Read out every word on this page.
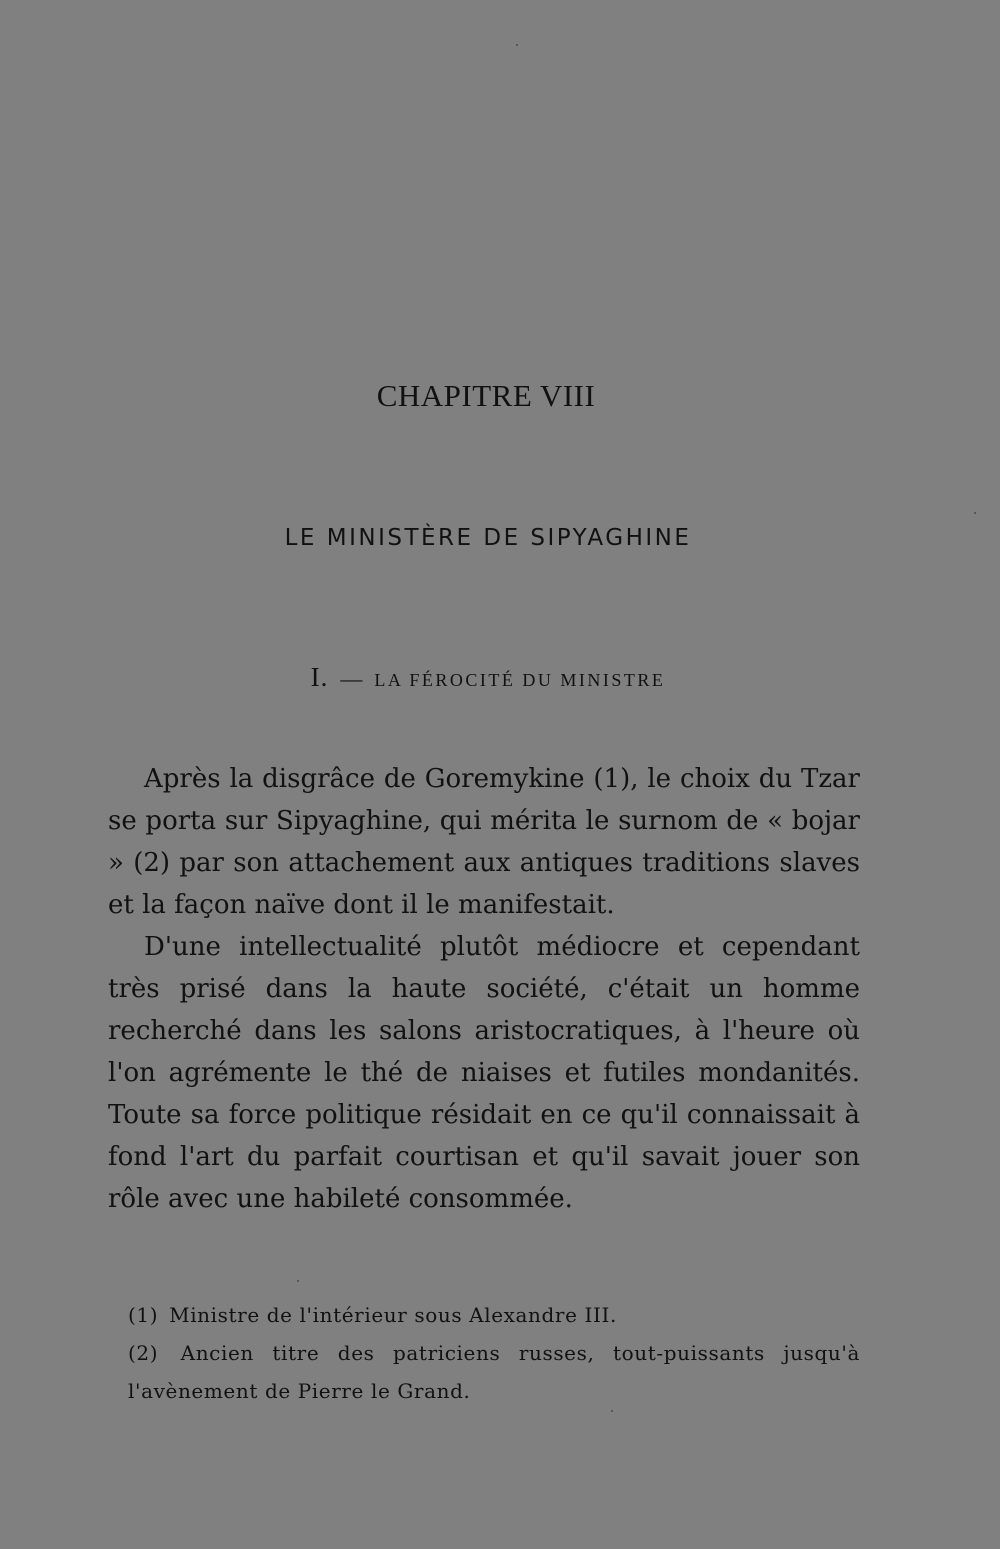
CHAPITRE VIII
LE MINISTÈRE DE SIPYAGHINE
I. — LA FÉROCITÉ DU MINISTRE

Après la disgrâce de Goremykine (1), le choix du Tzar se porta sur Sipyaghine, qui mérita le surnom de « bojar » (2) par son attachement aux antiques traditions slaves et la façon naïve dont il le manifestait.

D'une intellectualité plutôt médiocre et cependant très prisé dans la haute société, c'était un homme recherché dans les salons aristocratiques, à l'heure où l'on agrémente le thé de niaises et futiles mondanités. Toute sa force politique résidait en ce qu'il connaissait à fond l'art du parfait courtisan et qu'il savait jouer son rôle avec une habileté consommée.

(1) Ministre de l'intérieur sous Alexandre III.

(2) Ancien titre des patriciens russes, tout-puissants jusqu'à l'avènement de Pierre le Grand.
